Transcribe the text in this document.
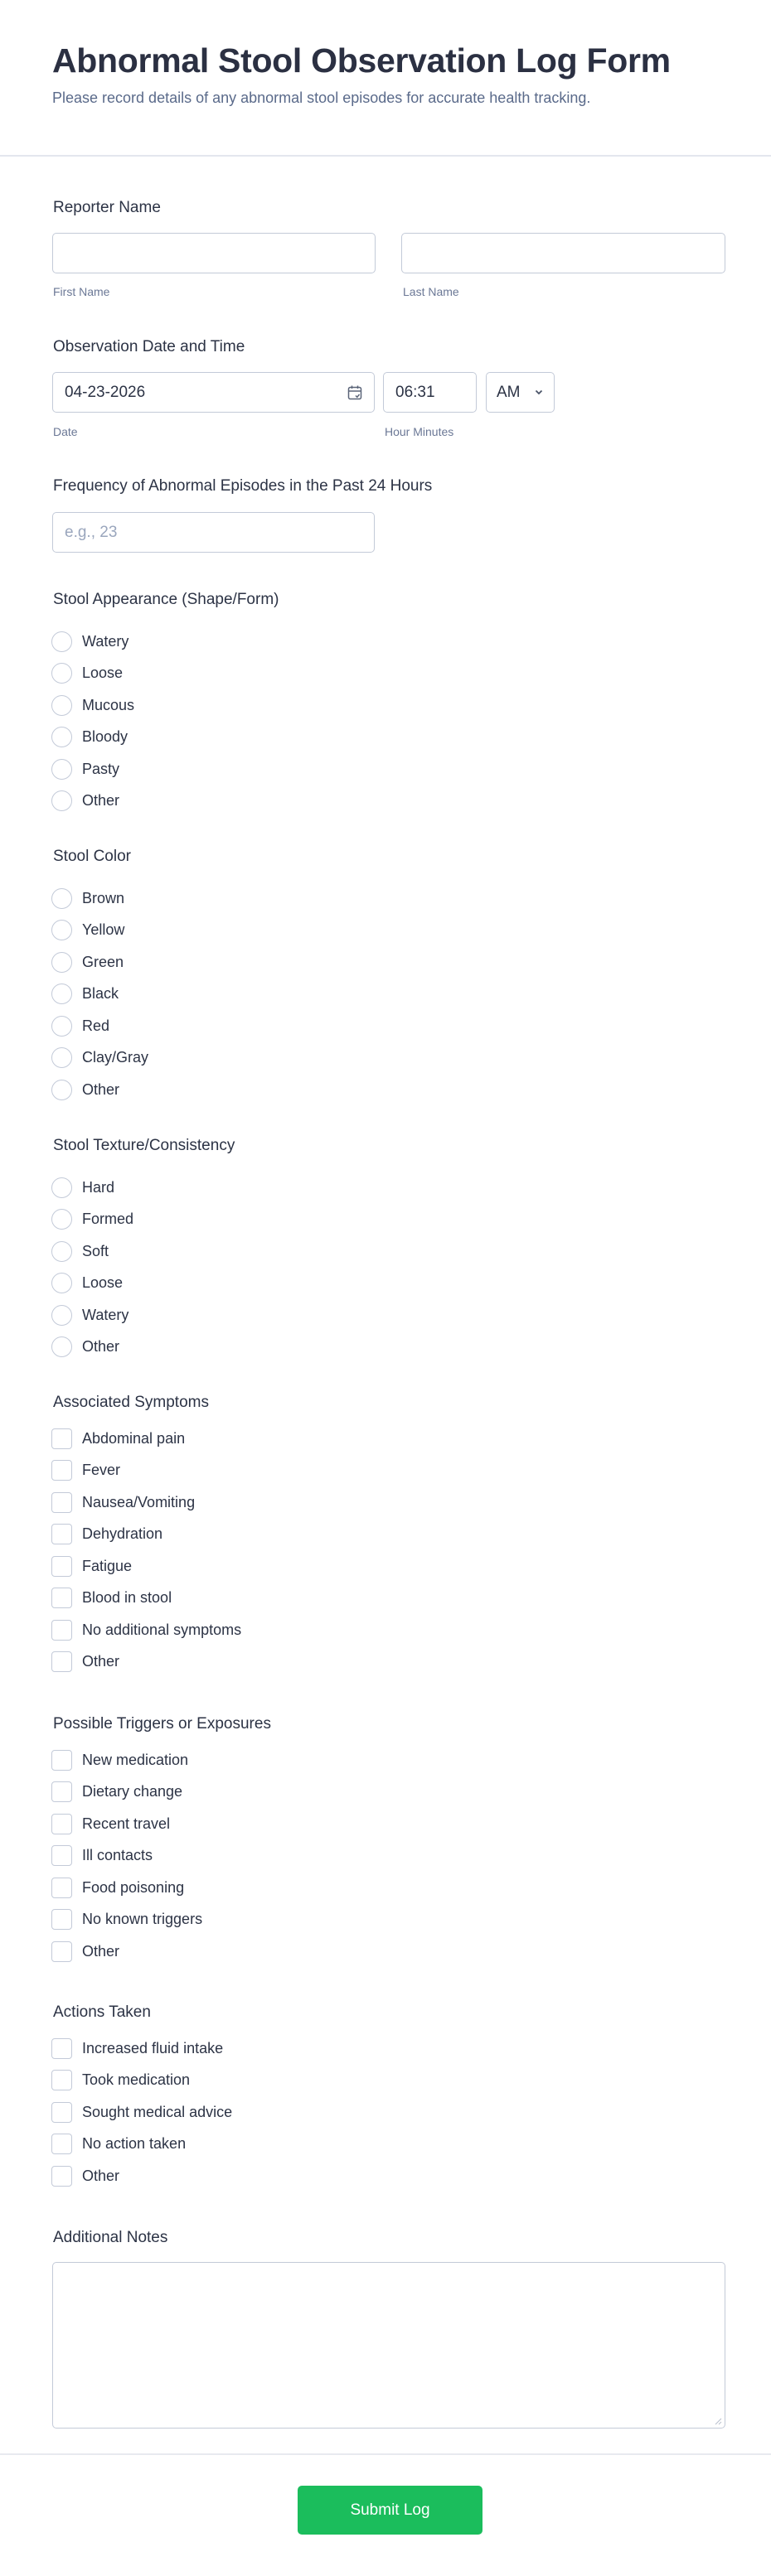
Abnormal Stool Observation Log Form

Please record details of any abnormal stool episodes for accurate health tracking.

Reporter Name
First Name	Last Name
Observation Date and Time
04-23-2026
Date
06:31
Hour Minutes
AM
Frequency of Abnormal Episodes in the Past 24 Hours
e.g., 23
Stool Appearance (Shape/Form)
Watery
Loose
Mucous
Bloody
Pasty
Other
Stool Color
Brown
Yellow
Green
Black
Red
Clay/Gray
Other
Stool Texture/Consistency
Hard
Formed
Soft
Loose
Watery
Other
Associated Symptoms
Abdominal pain
Fever
Nausea/Vomiting
Dehydration
Fatigue
Blood in stool
No additional symptoms
Other
Possible Triggers or Exposures
New medication
Dietary change
Recent travel
Ill contacts
Food poisoning
No known triggers
Other
Actions Taken
Increased fluid intake
Took medication
Sought medical advice
No action taken
Other
Additional Notes
Submit Log
